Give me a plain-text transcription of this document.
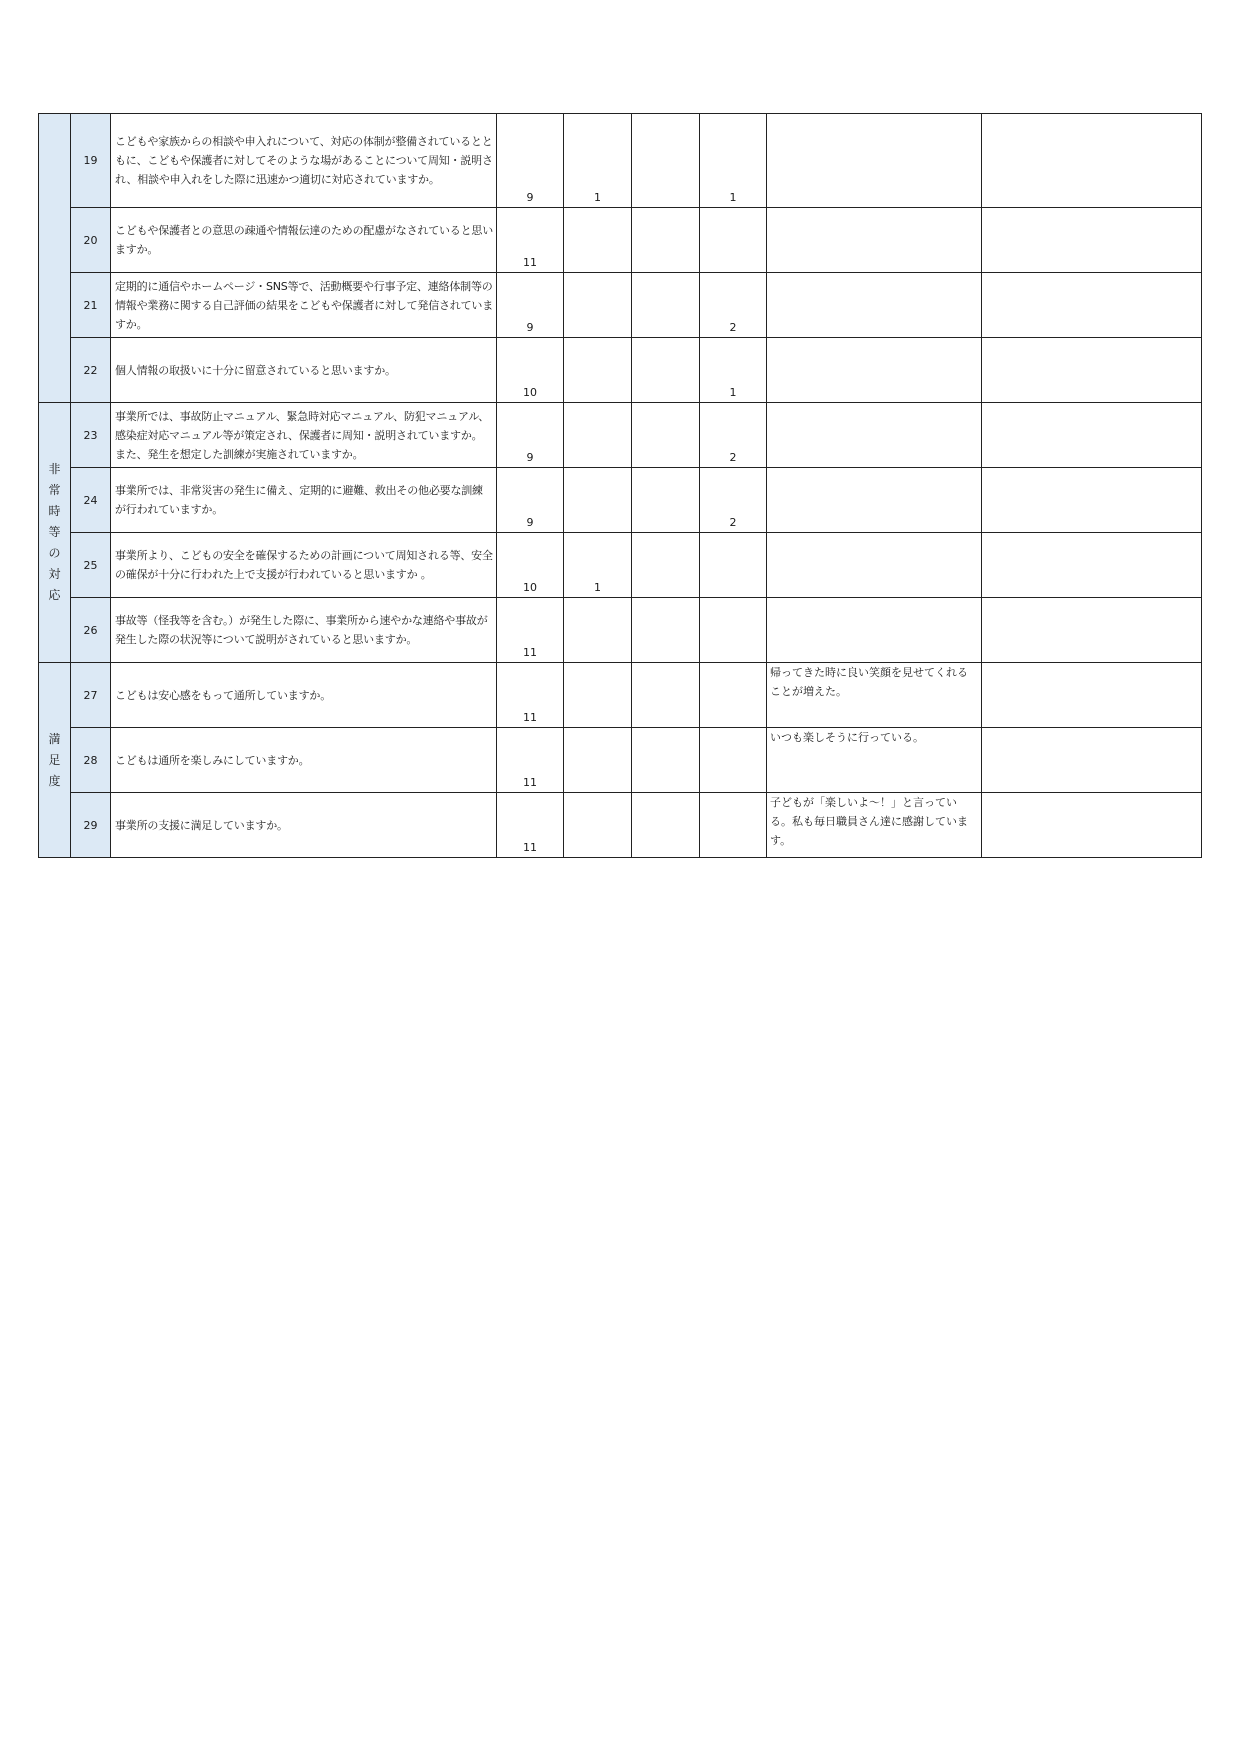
	19	こどもや家族からの相談や申入れについて、対応の体制が整備されているとともに、こどもや保護者に対してそのような場があることについて周知・説明され、相談や申入れをした際に迅速かつ適切に対応されていますか。	9	1		1		

	20	こどもや保護者との意思の疎通や情報伝達のための配慮がなされていると思いますか。	11					

	21	定期的に通信やホームページ・SNS等で、活動概要や行事予定、連絡体制等の情報や業務に関する自己評価の結果をこどもや保護者に対して発信されていますか。	9			2		

	22	個人情報の取扱いに十分に留意されていると思いますか。	10			1		

非常時等の対応	23	事業所では、事故防止マニュアル、緊急時対応マニュアル、防犯マニュアル、感染症対応マニュアル等が策定され、保護者に周知・説明されていますか。また、発生を想定した訓練が実施されていますか。	9			2		

	24	事業所では、非常災害の発生に備え、定期的に避難、救出その他必要な訓練が行われていますか。	9			2		

	25	事業所より、こどもの安全を確保するための計画について周知される等、安全の確保が十分に行われた上で支援が行われていると思いますか 。	10	1				

	26	事故等（怪我等を含む。）が発生した際に、事業所から速やかな連絡や事故が発生した際の状況等について説明がされていると思いますか。	11					

満足度	27	こどもは安心感をもって通所していますか。	11				帰ってきた時に良い笑顔を見せてくれることが増えた。	

	28	こどもは通所を楽しみにしていますか。	11				いつも楽しそうに行っている。	

	29	事業所の支援に満足していますか。	11				子どもが「楽しいよ～！」と言っている。私も毎日職員さん達に感謝しています。	
